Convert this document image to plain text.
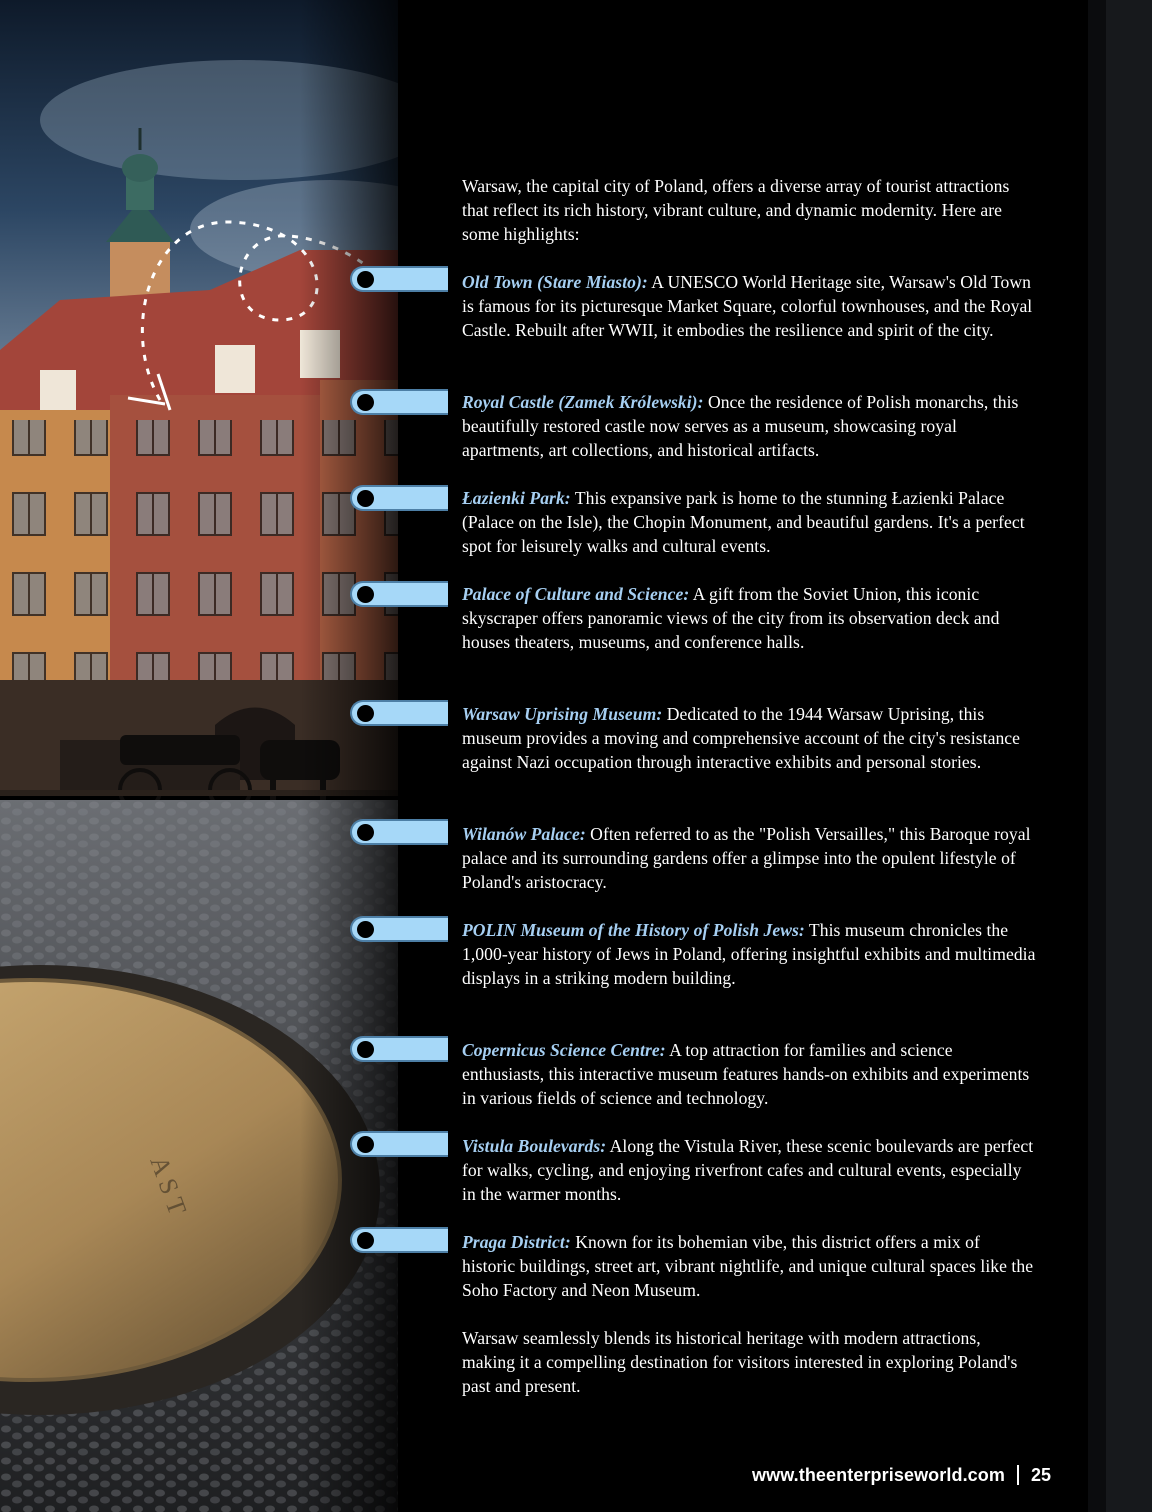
A S T

Warsaw, the capital city of Poland, offers a diverse array of tourist attractions that reflect its rich history, vibrant culture, and dynamic modernity. Here are some highlights:

Old Town (Stare Miasto): A UNESCO World Heritage site, Warsaw's Old Town is famous for its picturesque Market Square, colorful townhouses, and the Royal Castle. Rebuilt after WWII, it embodies the resilience and spirit of the city.

Royal Castle (Zamek Królewski): Once the residence of Polish monarchs, this beautifully restored castle now serves as a museum, showcasing royal apartments, art collections, and historical artifacts.

Łazienki Park: This expansive park is home to the stunning Łazienki Palace (Palace on the Isle), the Chopin Monument, and beautiful gardens. It's a perfect spot for leisurely walks and cultural events.

Palace of Culture and Science: A gift from the Soviet Union, this iconic skyscraper offers panoramic views of the city from its observation deck and houses theaters, museums, and conference halls.

Warsaw Uprising Museum: Dedicated to the 1944 Warsaw Uprising, this museum provides a moving and comprehensive account of the city's resistance against Nazi occupation through interactive exhibits and personal stories.

Wilanów Palace: Often referred to as the "Polish Versailles," this Baroque royal palace and its surrounding gardens offer a glimpse into the opulent lifestyle of Poland's aristocracy.

POLIN Museum of the History of Polish Jews: This museum chronicles the 1,000-year history of Jews in Poland, offering insightful exhibits and multimedia displays in a striking modern building.

Copernicus Science Centre: A top attraction for families and science enthusiasts, this interactive museum features hands-on exhibits and experiments in various fields of science and technology.

Vistula Boulevards: Along the Vistula River, these scenic boulevards are perfect for walks, cycling, and enjoying riverfront cafes and cultural events, especially in the warmer months.

Praga District: Known for its bohemian vibe, this district offers a mix of historic buildings, street art, vibrant nightlife, and unique cultural spaces like the Soho Factory and Neon Museum.

Warsaw seamlessly blends its historical heritage with modern attractions, making it a compelling destination for visitors interested in exploring Poland's past and present.

www.theenterpriseworld.com 25
